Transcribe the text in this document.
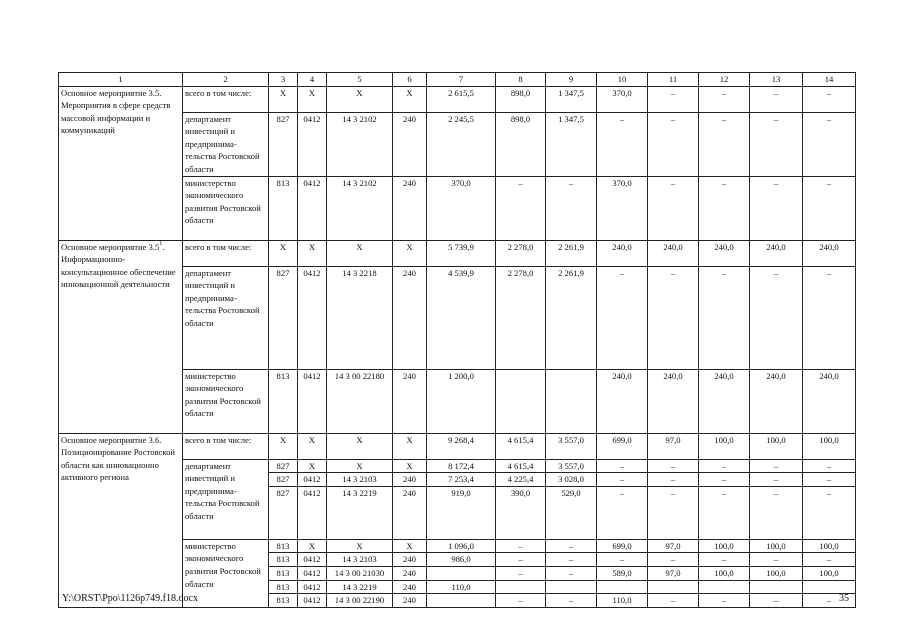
1	2	3	4	5	6	7	8	9	10	11	12	13	14
Основное мероприятие 3.5. Мероприятия в сфере средств массовой информации и коммуникаций	всего в том числе:	X	X	X	X	2 615,5	898,0	1 347,5	370,0	–	–	–	–
	департамент инвестиций и предпринима-тельства Ростовской области	827	0412	14 3 2102	240	2 245,5	898,0	1 347,5	–	–	–	–	–
	министерство экономического развития Ростовской области	813	0412	14 3 2102	240	370,0	–	–	370,0	–	–	–	–
Основное мероприятие $3.5^1$. Информационно-консультационное обеспечение инновационной деятельности	всего в том числе:	X	X	X	X	5 739,9	2 278,0	2 261,9	240,0	240,0	240,0	240,0	240,0
	департамент инвестиций и предпринима-тельства Ростовской области	827	0412	14 3 2218	240	4 539,9	2 278,0	2 261,9	–	–	–	–	–
	министерство экономического развития Ростовской области	813	0412	14 3 00 22180	240	1 200,0			240,0	240,0	240,0	240,0	240,0
Основное мероприятие 3.6. Позиционирование Ростовской области как инновационно активного региона	всего в том числе:	X	X	X	X	9 268,4	4 615,4	3 557,0	699,0	97,0	100,0	100,0	100,0
	департамент инвестиций и предпринима-тельства Ростовской области	827	X	X	X	8 172,4	4 615,4	3 557,0	–	–	–	–	–
		827	0412	14 3 2103	240	7 253,4	4 225,4	3 028,0	–	–	–	–	–
		827	0412	14 3 2219	240	919,0	390,0	529,0	–	–	–	–	–
	министерство экономического развития Ростовской области	813	X	X	X	1 096,0	–	–	699,0	97,0	100,0	100,0	100,0
		813	0412	14 3 2103	240	986,0	–	–	–	–	–	–	–
		813	0412	14 3 00 21030	240		–	–	589,0	97,0	100,0	100,0	100,0
		813	0412	14 3 2219	240	110,0							
		813	0412	14 3 00 22190	240		–	–	110,0	–	–	–	–
Y:\ORST\Ppo\1126p749.f18.docx	35
